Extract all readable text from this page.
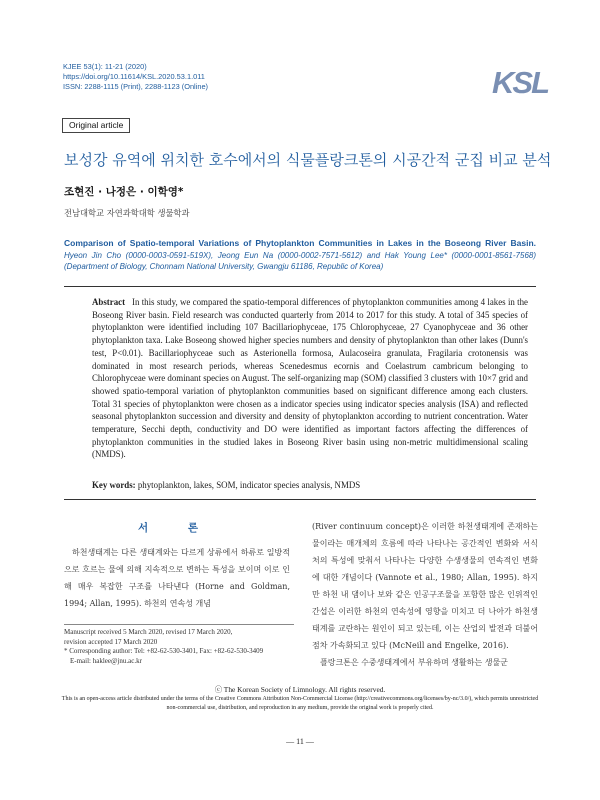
KJEE 53(1): 11-21 (2020)
https://doi.org/10.11614/KSL.2020.53.1.011
ISSN: 2288-1115 (Print), 2288-1123 (Online)	KSL
Original article
보성강 유역에 위치한 호수에서의 식물플랑크톤의 시공간적 군집 비교 분석
조현진 · 나정은 · 이학영*
전남대학교 자연과학대학 생물학과
Comparison of Spatio-temporal Variations of Phytoplankton Communities in Lakes in the Boseong River Basin. Hyeon Jin Cho (0000-0003-0591-519X), Jeong Eun Na (0000-0002-7571-5612) and Hak Young Lee* (0000-0001-8561-7568) (Department of Biology, Chonnam National University, Gwangju 61186, Republic of Korea)
Abstract In this study, we compared the spatio-temporal differences of phytoplankton communities among 4 lakes in the Boseong River basin. Field research was conducted quarterly from 2014 to 2017 for this study. A total of 345 species of phytoplankton were identified including 107 Bacillariophyceae, 175 Chlorophyceae, 27 Cyanophyceae and 36 other phytoplankton taxa. Lake Boseong showed higher species numbers and density of phytoplankton than other lakes (Dunn's test, P<0.01). Bacillariophyceae such as Asterionella formosa, Aulacoseira granulata, Fragilaria crotonensis was dominated in most research periods, whereas Scenedesmus ecornis and Coelastrum cambricum belonging to Chlorophyceae were dominant species on August. The self-organizing map (SOM) classified 3 clusters with 10×7 grid and showed spatio-temporal variation of phytoplankton communities based on significant difference among each clusters. Total 31 species of phytoplankton were chosen as a indicator species using indicator species analysis (ISA) and reflected seasonal phytoplankton succession and diversity and density of phytoplankton according to nutrient concentration. Water temperature, Secchi depth, conductivity and DO were identified as important factors affecting the differences of phytoplankton communities in the studied lakes in Boseong River basin using non-metric multidimensional scaling (NMDS).
Key words: phytoplankton, lakes, SOM, indicator species analysis, NMDS
서 론
하천생태계는 다른 생태계와는 다르게 상류에서 하류로 일방적으로 흐르는 물에 의해 지속적으로 변하는 특성을 보이며 이로 인해 매우 복잡한 구조를 나타낸다 (Horne and Goldman, 1994; Allan, 1995). 하천의 연속성 개념
Manuscript received 5 March 2020, revised 17 March 2020,
revision accepted 17 March 2020
* Corresponding author: Tel: +82-62-530-3401, Fax: +82-62-530-3409
E-mail: haklee@jnu.ac.kr
(River continuum concept)은 이러한 하천생태계에 존재하는 물이라는 매개체의 흐름에 따라 나타나는 공간적인 변화와 서식처의 특성에 맞춰서 나타나는 다양한 수생생물의 연속적인 변화에 대한 개념이다 (Vannote et al., 1980; Allan, 1995). 하지만 하천 내 댐이나 보와 같은 인공구조물을 포함한 많은 인위적인 간섭은 이러한 하천의 연속성에 영향을 미치고 더 나아가 하천생태계를 교란하는 원인이 되고 있는데, 이는 산업의 발전과 더불어 점차 가속화되고 있다 (McNeill and Engelke, 2016).
플랑크톤은 수중생태계에서 부유하며 생활하는 생물군
ⓒ The Korean Society of Limnology. All rights reserved.
This is an open-access article distributed under the terms of the Creative Commons Attribution Non-Commercial License (http://creativecommons.org/licenses/by-nc/3.0/), which permits unrestricted non-commercial use, distribution, and reproduction in any medium, provide the original work is properly cited.
— 11 —
